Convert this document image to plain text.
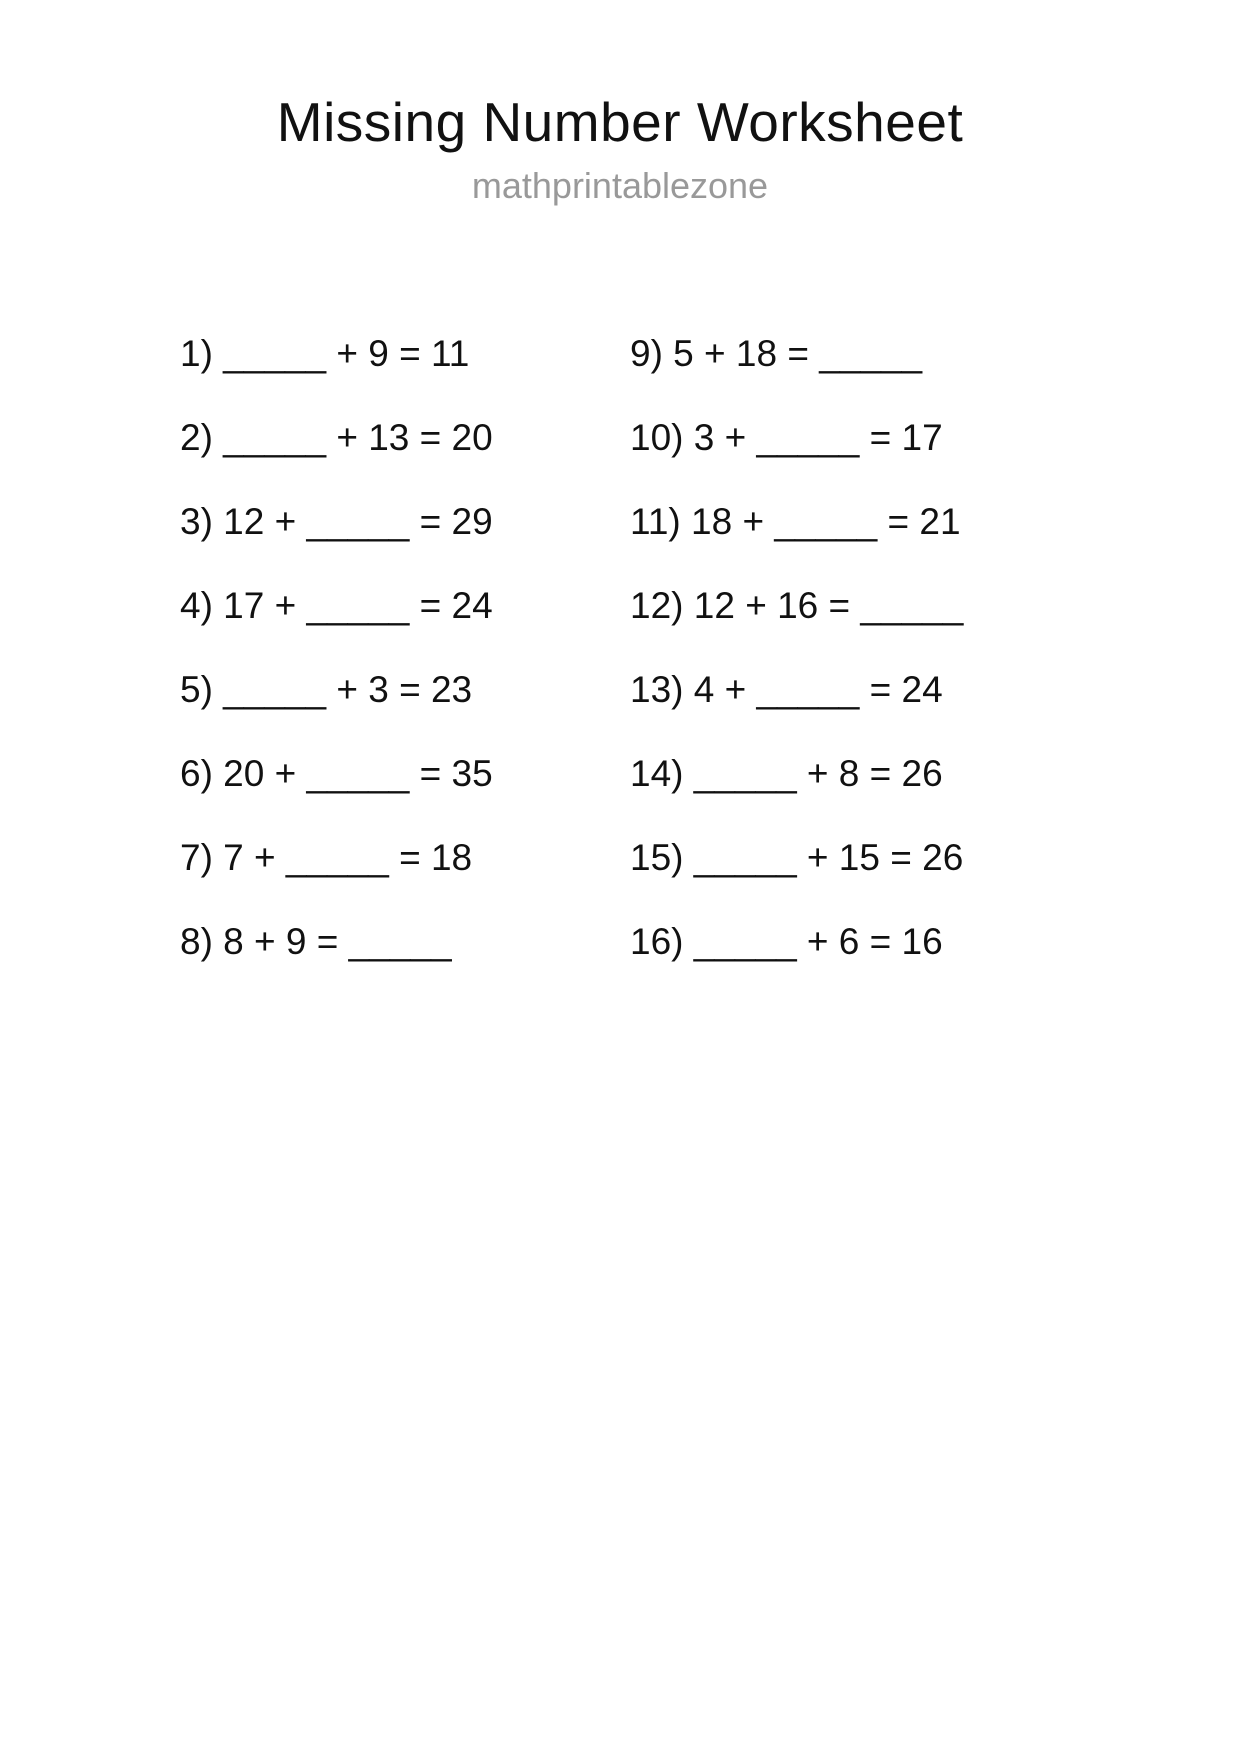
Missing Number Worksheet
mathprintablezone
1) _____ + 9 = 11
2) _____ + 13 = 20
3) 12 + _____ = 29
4) 17 + _____ = 24
5) _____ + 3 = 23
6) 20 + _____ = 35
7) 7 + _____ = 18
8) 8 + 9 = _____
9) 5 + 18 = _____
10) 3 + _____ = 17
11) 18 + _____ = 21
12) 12 + 16 = _____
13) 4 + _____ = 24
14) _____ + 8 = 26
15) _____ + 15 = 26
16) _____ + 6 = 16
